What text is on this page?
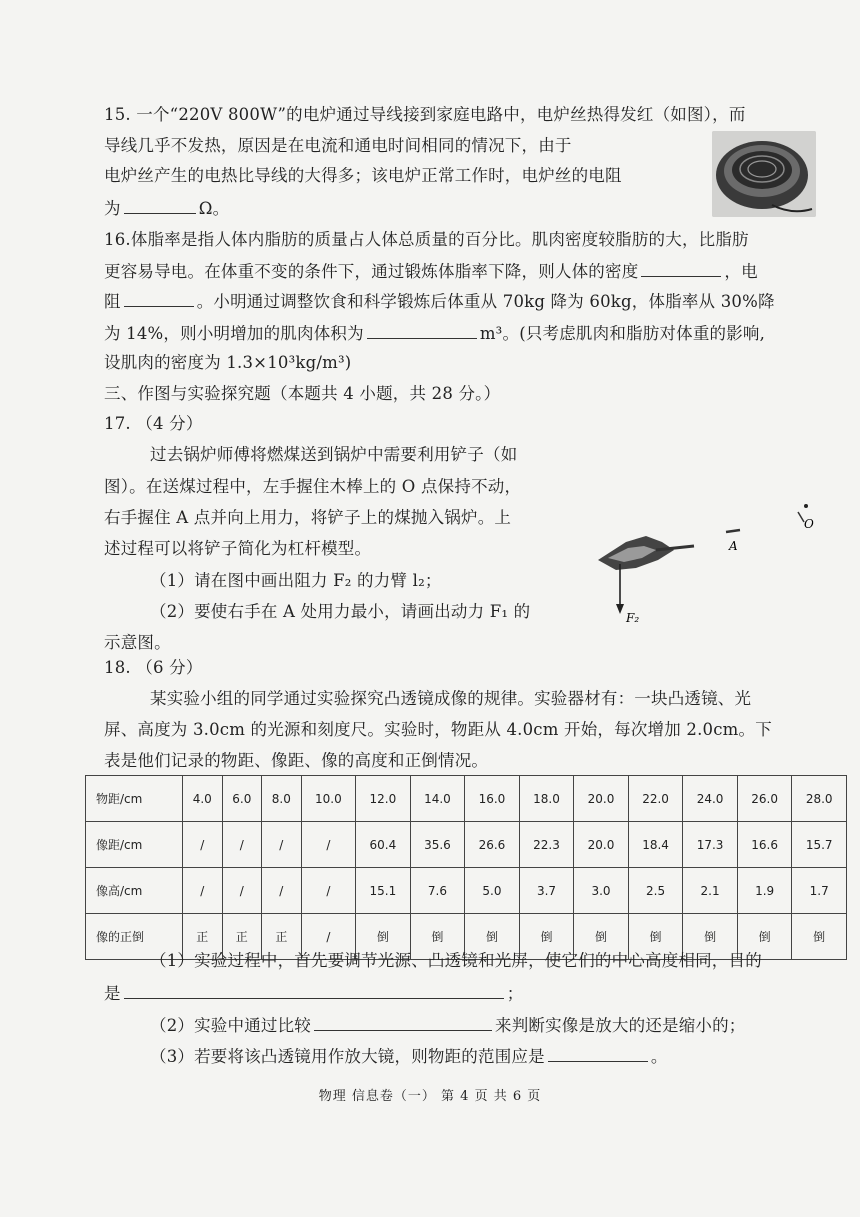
15. 一个“220V 800W”的电炉通过导线接到家庭电路中，电炉丝热得发红（如图），而
导线几乎不发热，原因是在电流和通电时间相同的情况下，由于
电炉丝产生的电热比导线的大得多；该电炉正常工作时，电炉丝的电阻
为	Ω。
16.体脂率是指人体内脂肪的质量占人体总质量的百分比。肌肉密度较脂肪的大，比脂肪
更容易导电。在体重不变的条件下，通过锻炼体脂率下降，则人体的密度	，电
阻	。小明通过调整饮食和科学锻炼后体重从 70kg 降为 60kg，体脂率从 30%降
为 14%，则小明增加的肌肉体积为	m³。(只考虑肌肉和脂肪对体重的影响,
设肌肉的密度为 1.3×10³kg/m³)
三、作图与实验探究题（本题共 4 小题，共 28 分。）
17. （4 分）
过去锅炉师傅将燃煤送到锅炉中需要利用铲子（如
图）。在送煤过程中，左手握住木棒上的 O 点保持不动，
右手握住 A 点并向上用力，将铲子上的煤抛入锅炉。上
述过程可以将铲子简化为杠杆模型。
（1）请在图中画出阻力 F₂ 的力臂 l₂；
（2）要使右手在 A 处用力最小，请画出动力 F₁ 的
示意图。
F₂
A
O
18. （6 分）
某实验小组的同学通过实验探究凸透镜成像的规律。实验器材有：一块凸透镜、光
屏、高度为 3.0cm 的光源和刻度尺。实验时，物距从 4.0cm 开始，每次增加 2.0cm。下
表是他们记录的物距、像距、像的高度和正倒情况。
物距/cm	4.0	6.0	8.0	10.0	12.0	14.0	16.0	18.0	20.0	22.0	24.0	26.0	28.0
像距/cm	/	/	/	/	60.4	35.6	26.6	22.3	20.0	18.4	17.3	16.6	15.7
像高/cm	/	/	/	/	15.1	7.6	5.0	3.7	3.0	2.5	2.1	1.9	1.7
像的正倒	正	正	正	/	倒	倒	倒	倒	倒	倒	倒	倒	倒
（1）实验过程中，首先要调节光源、凸透镜和光屏，使它们的中心高度相同，目的
是	；
（2）实验中通过比较	来判断实像是放大的还是缩小的；
（3）若要将该凸透镜用作放大镜，则物距的范围应是	。
物理 信息卷（一） 第 4 页 共 6 页
